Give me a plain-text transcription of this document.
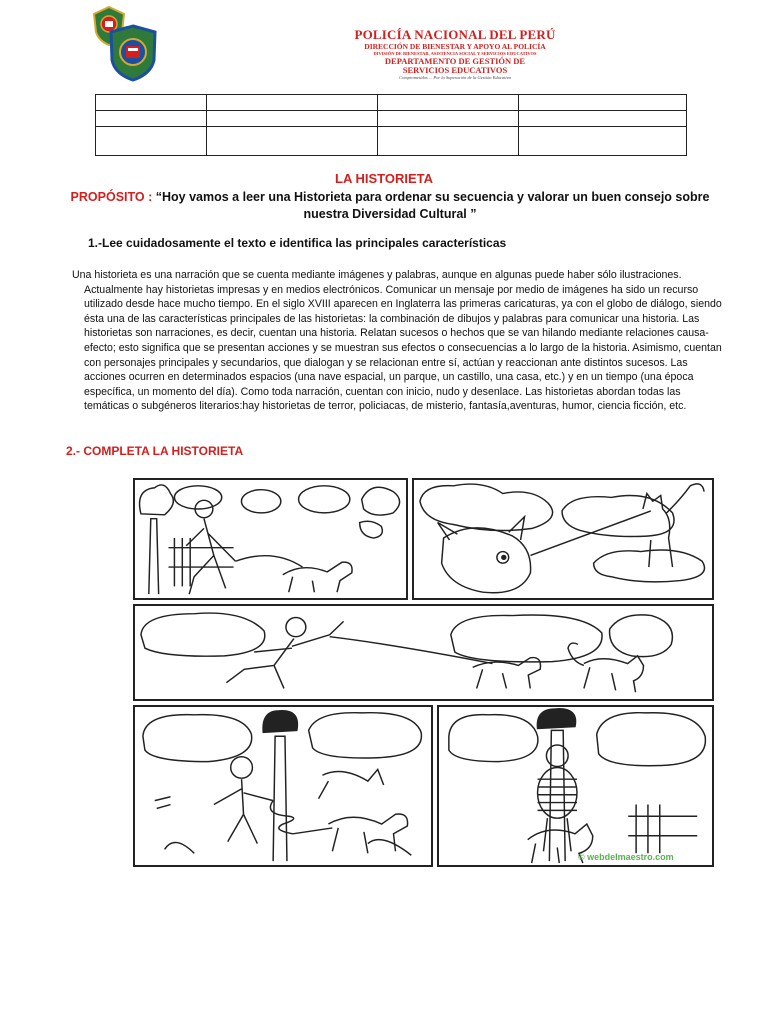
POLICÍA NACIONAL DEL PERÚ
DIRECCIÓN DE BIENESTAR Y APOYO AL POLICÍA
DIVISIÓN DE BIENESTAR, ASISTENCIA SOCIAL Y SERVICIOS EDUCATIVOS
DEPARTAMENTO DE GESTIÓN DE
SERVICIOS EDUCATIVOS
Comprometidos ... Por la Superación de la Gestión Educativa

LA HISTORIETA
PROPÓSITO : “Hoy vamos a leer una Historieta para ordenar su secuencia y valorar un buen consejo sobre nuestra Diversidad Cultural ”
1.-Lee cuidadosamente el texto e identifica las principales características

Una historieta es una narración que se cuenta mediante imágenes y palabras, aunque en algunas puede haber sólo ilustraciones.

Actualmente hay historietas impresas y en medios electrónicos. Comunicar un mensaje por medio de imágenes ha sido un recurso utilizado desde hace mucho tiempo. En el siglo XVIII aparecen en Inglaterra las primeras caricaturas, ya con el globo de diálogo, siendo ésta una de las características principales de las historietas: la combinación de dibujos y palabras para comunicar una historia. Las historietas son narraciones, es decir, cuentan una historia. Relatan sucesos o hechos que se van hilando mediante relaciones causa-efecto; esto significa que se presentan acciones y se muestran sus efectos o consecuencias a lo largo de la historia. Asimismo, cuentan con personajes principales y secundarios, que dialogan y se relacionan entre sí, actúan y reaccionan ante distintos sucesos. Las acciones ocurren en determinados espacios (una nave espacial, un parque, un castillo, una casa, etc.) y en un tiempo (una época específica, un momento del día). Como toda narración, cuentan con inicio, nudo y desenlace. Las historietas abordan todas las temáticas o subgéneros literarios:hay historietas de terror, policiacas, de misterio, fantasía,aventuras, humor, ciencia ficción, etc.

2.- COMPLETA LA HISTORIETA
© webdelmaestro.com
